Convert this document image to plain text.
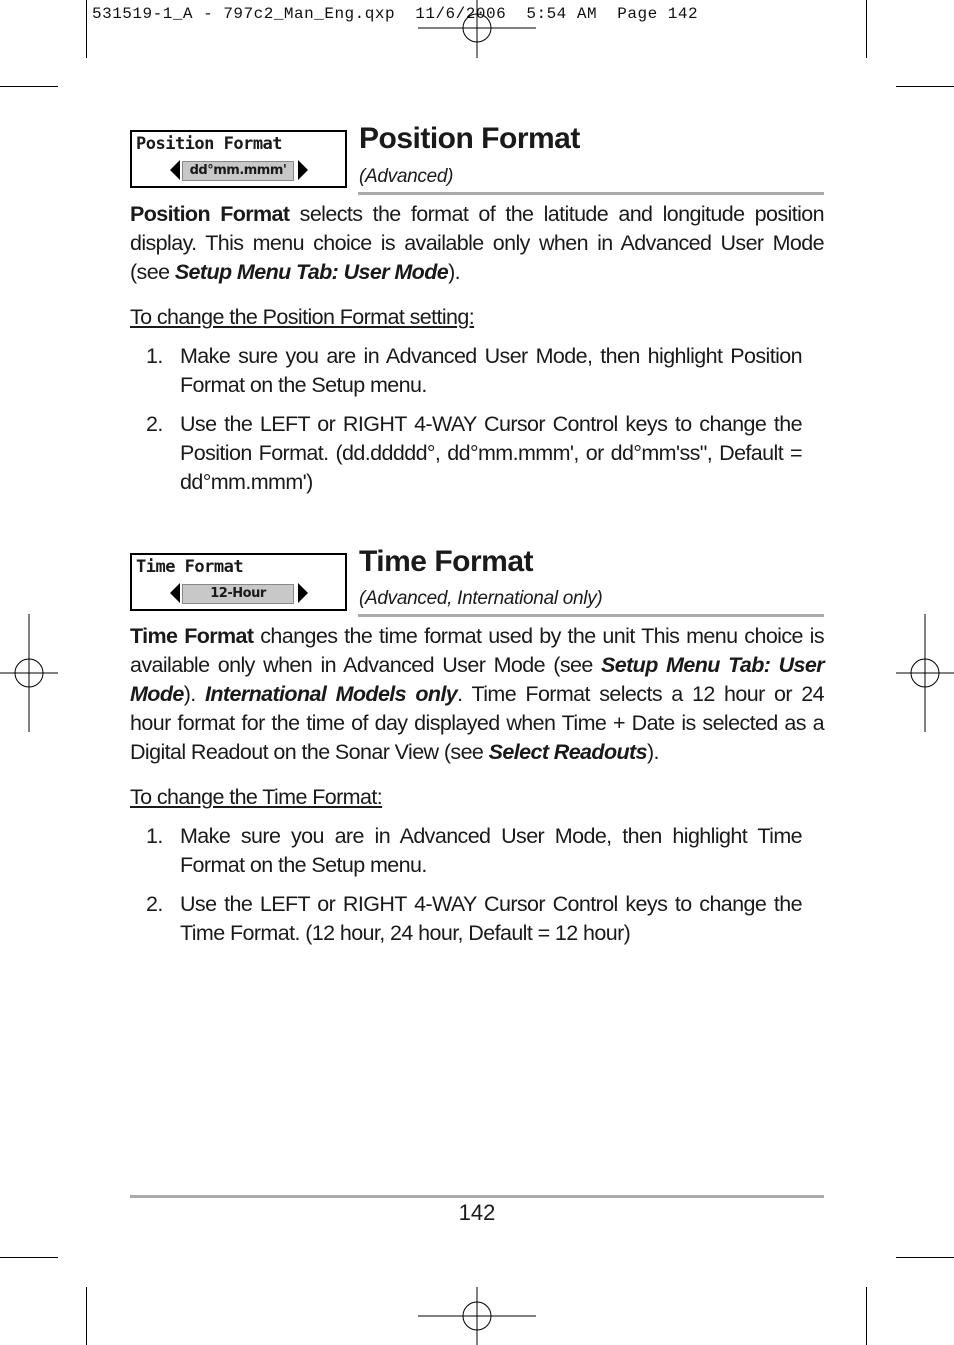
531519-1_A - 797c2_Man_Eng.qxp  11/6/2006  5:54 AM  Page 142
Position Format
dd°mm.mmm'
Position Format
(Advanced)
Position Format selects the format of the latitude and longitude position display. This menu choice is available only when in Advanced User Mode (see Setup Menu Tab: User Mode).
To change the Position Format setting:
1. Make sure you are in Advanced User Mode, then highlight Position Format on the Setup menu.
2. Use the LEFT or RIGHT 4-WAY Cursor Control keys to change the Position Format. (dd.ddddd°, dd°mm.mmm', or dd°mm'ss", Default = dd°mm.mmm')
Time Format
12-Hour
Time Format
(Advanced, International only)
Time Format changes the time format used by the unit This menu choice is available only when in Advanced User Mode (see Setup Menu Tab: User Mode). International Models only. Time Format selects a 12 hour or 24 hour format for the time of day displayed when Time + Date is selected as a Digital Readout on the Sonar View (see Select Readouts).
To change the Time Format:
1. Make sure you are in Advanced User Mode, then highlight Time Format on the Setup menu.
2. Use the LEFT or RIGHT 4-WAY Cursor Control keys to change the Time Format. (12 hour, 24 hour, Default = 12 hour)
142
